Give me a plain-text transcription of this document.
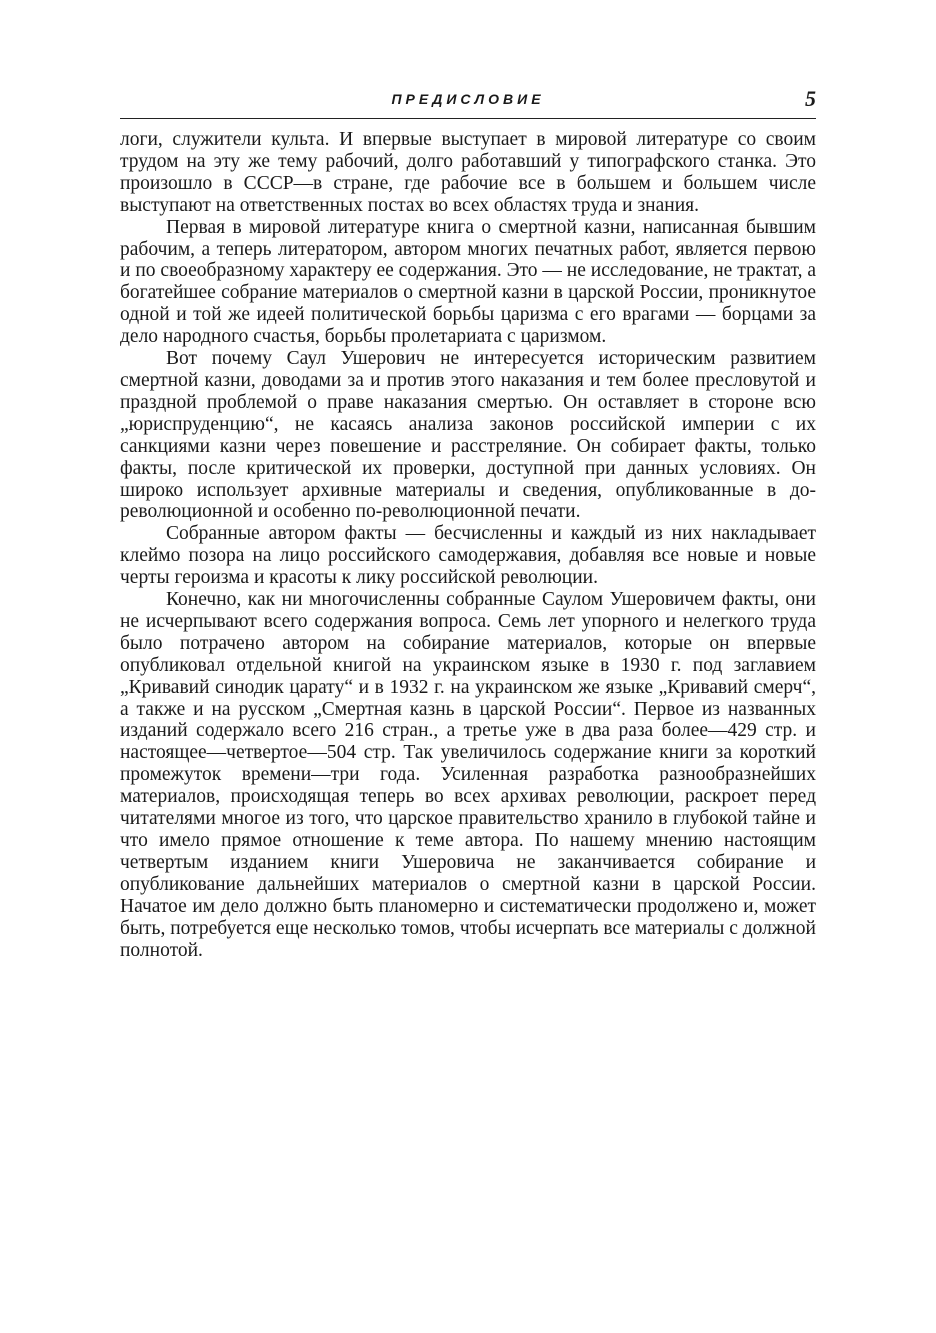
ПРЕДИСЛОВИЕ	5

логи, служители культа. И впервые выступает в мировой литературе со своим трудом на эту же тему рабочий, долго работавший у типографского станка. Это произошло в СССР—в стране, где рабочие все в большем и большем числе выступают на ответственных постах во всех областях труда и знания.

Первая в мировой литературе книга о смертной казни, написанная бывшим рабочим, а теперь литератором, автором многих печатных работ, является первою и по своеобразному характеру ее содержания. Это — не исследование, не трактат, а богатейшее собрание материалов о смертной казни в царской России, проникнутое одной и той же идеей политической борьбы царизма с его врагами — борцами за дело народного счастья, борьбы пролетариата с царизмом.

Вот почему Саул Ушерович не интересуется историческим развитием смертной казни, доводами за и против этого наказания и тем более пресловутой и праздной проблемой о праве наказания смертью. Он оставляет в стороне всю „юриспруденцию“, не касаясь анализа законов российской империи с их санкциями казни через повешение и расстреляние. Он собирает факты, только факты, после критической их проверки, доступной при данных условиях. Он широко использует архивные материалы и сведения, опубликованные в до-революционной и особенно по-революционной печати.

Собранные автором факты — бесчисленны и каждый из них накладывает клеймо позора на лицо российского самодержавия, добавляя все новые и новые черты героизма и красоты к лику российской революции.

Конечно, как ни многочисленны собранные Саулом Ушеровичем факты, они не исчерпывают всего содержания вопроса. Семь лет упорного и нелегкого труда было потрачено автором на собирание материалов, которые он впервые опубликовал отдельной книгой на украинском языке в 1930 г. под заглавием „Кривавий синодик царату“ и в 1932 г. на украинском же языке „Кривавий смерч“, а также и на русском „Смертная казнь в царской России“. Первое из названных изданий содержало всего 216 стран., а третье уже в два раза более—429 стр. и настоящее—четвертое—504 стр. Так увеличилось содержание книги за короткий промежуток времени—три года. Усиленная разработка разнообразнейших материалов, происходящая теперь во всех архивах революции, раскроет перед читателями многое из того, что царское правительство хранило в глубокой тайне и что имело прямое отношение к теме автора. По нашему мнению настоящим четвертым изданием книги Ушеровича не заканчивается собирание и опубликование дальнейших материалов о смертной казни в царской России. Начатое им дело должно быть планомерно и систематически продолжено и, может быть, потребуется еще несколько томов, чтобы исчерпать все материалы с должной полнотой.
